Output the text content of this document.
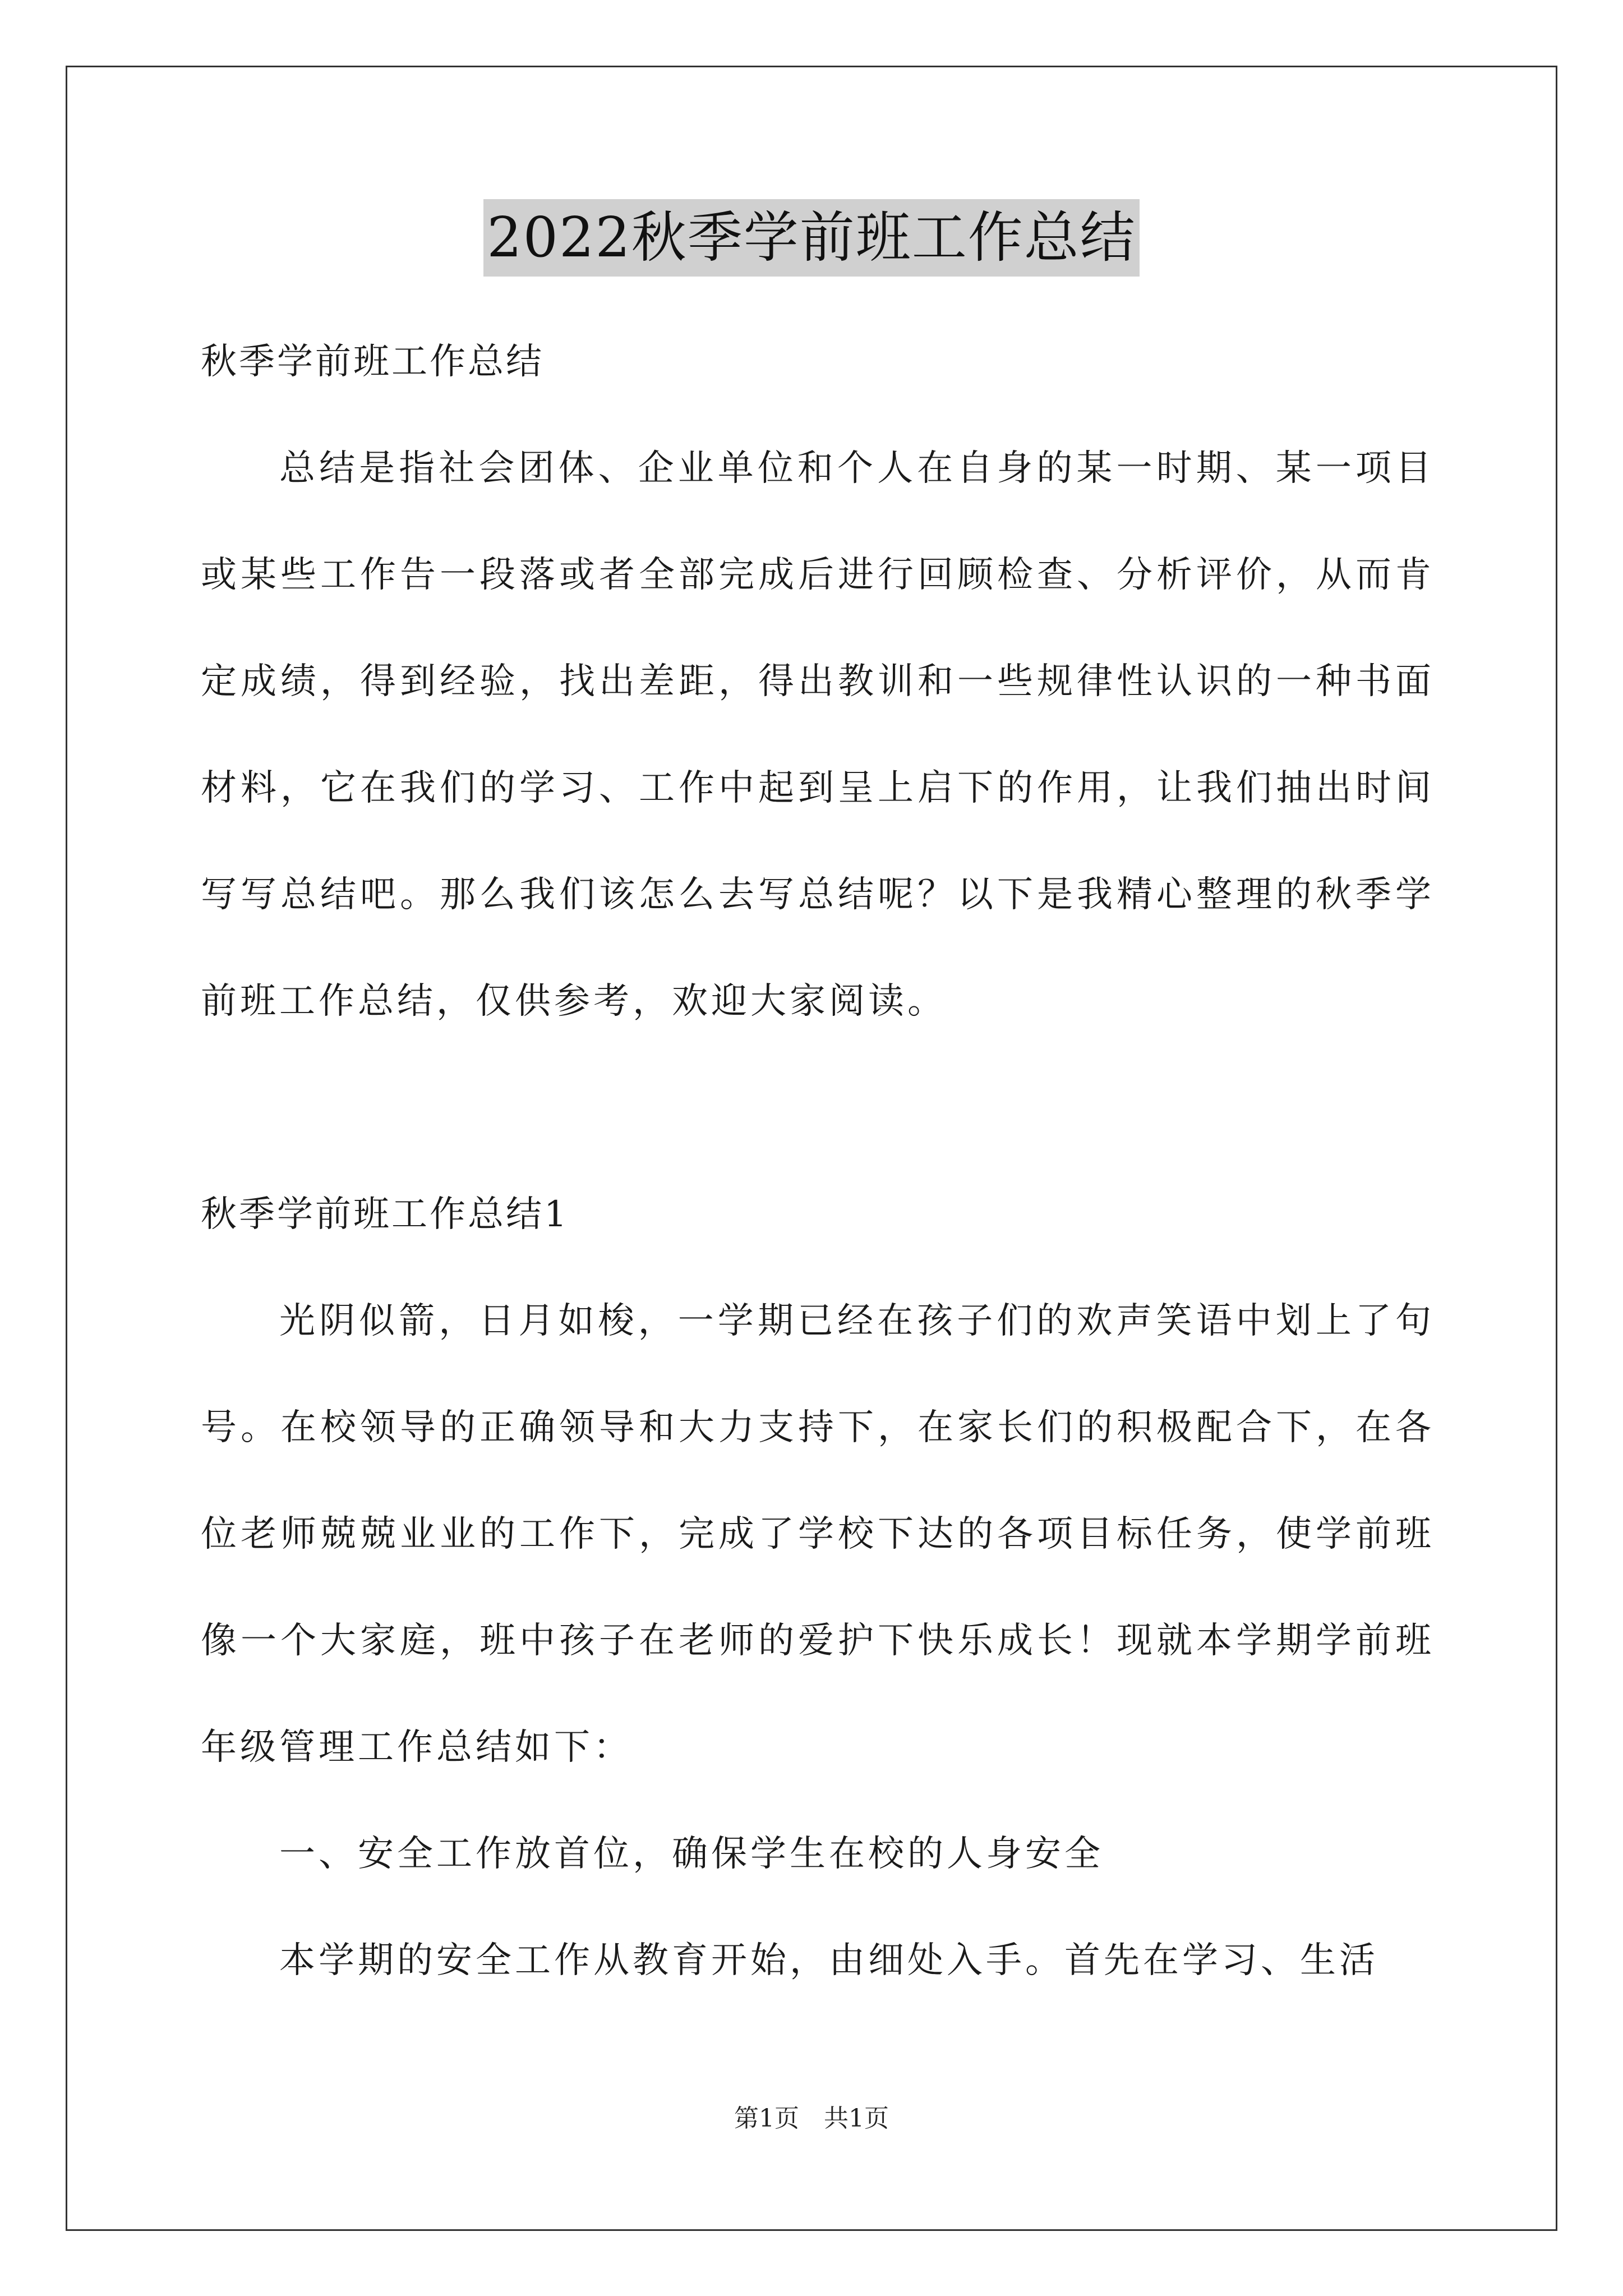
2022秋季学前班工作总结

秋季学前班工作总结

总结是指社会团体、企业单位和个人在自身的某一时期、某一项目或某些工作告一段落或者全部完成后进行回顾检查、分析评价，从而肯定成绩，得到经验，找出差距，得出教训和一些规律性认识的一种书面材料，它在我们的学习、工作中起到呈上启下的作用，让我们抽出时间写写总结吧。那么我们该怎么去写总结呢？以下是我精心整理的秋季学前班工作总结，仅供参考，欢迎大家阅读。

秋季学前班工作总结1

光阴似箭，日月如梭，一学期已经在孩子们的欢声笑语中划上了句号。在校领导的正确领导和大力支持下，在家长们的积极配合下，在各位老师兢兢业业的工作下，完成了学校下达的各项目标任务，使学前班像一个大家庭，班中孩子在老师的爱护下快乐成长！现就本学期学前班年级管理工作总结如下：

一、安全工作放首位，确保学生在校的人身安全

本学期的安全工作从教育开始，由细处入手。首先在学习、生活

第1页　共1页
